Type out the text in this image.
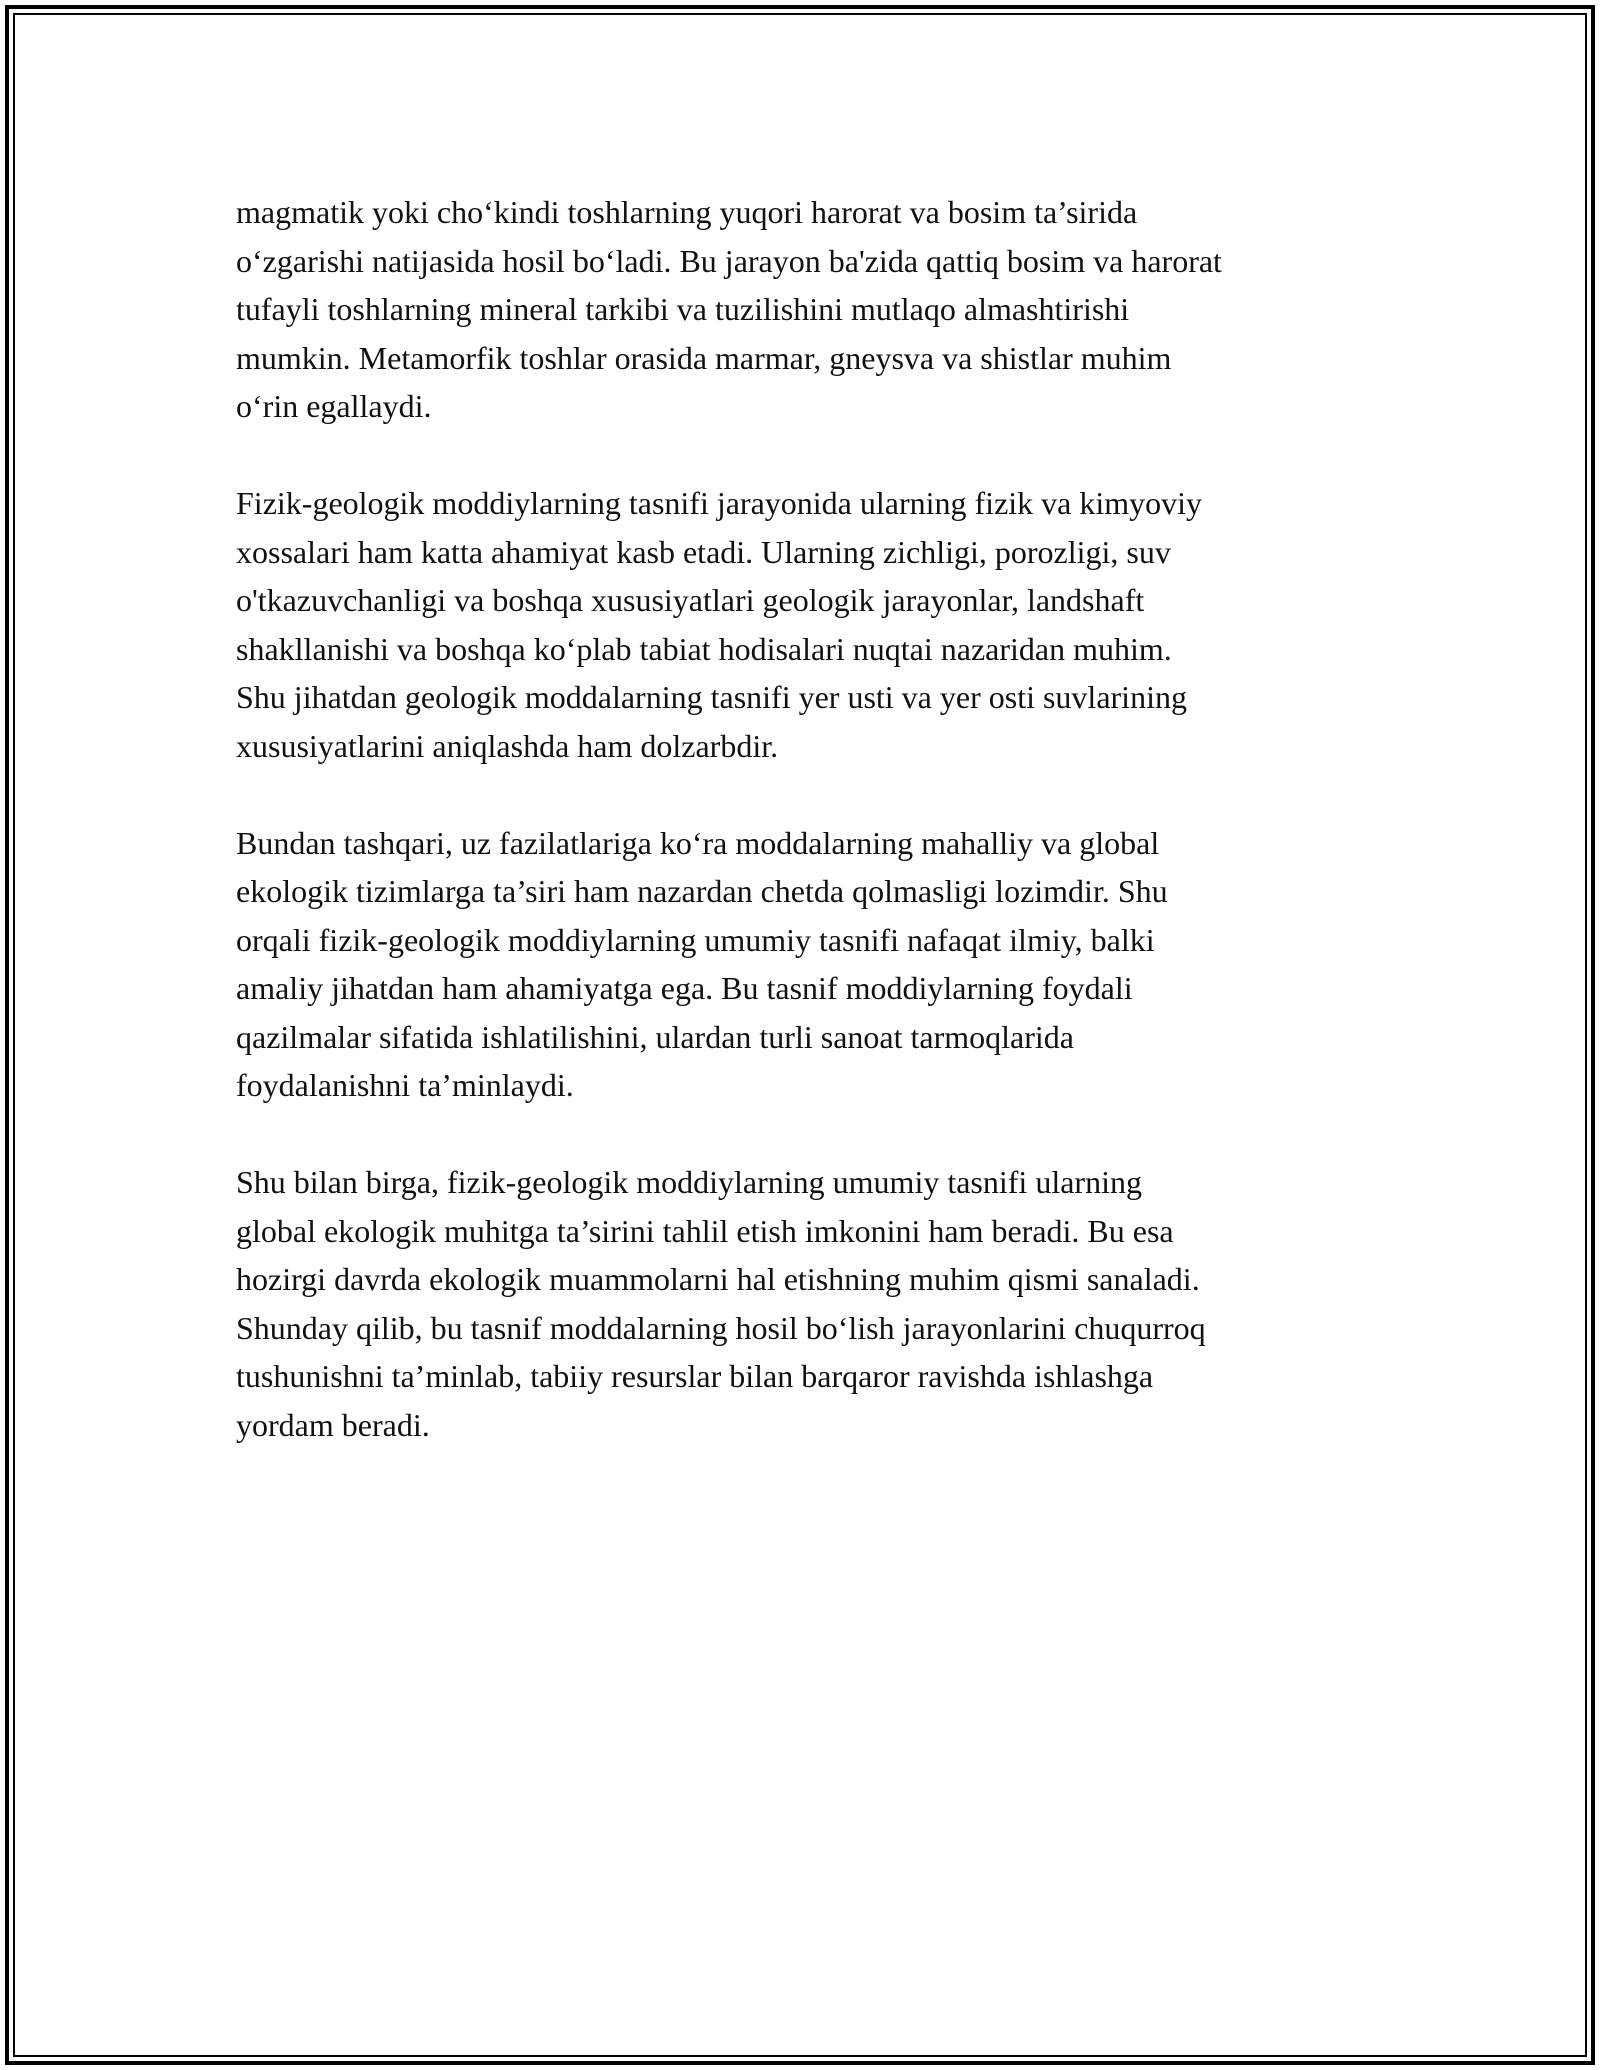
magmatik yoki cho‘kindi toshlarning yuqori harorat va bosim ta’sirida
o‘zgarishi natijasida hosil bo‘ladi. Bu jarayon ba'zida qattiq bosim va harorat
tufayli toshlarning mineral tarkibi va tuzilishini mutlaqo almashtirishi
mumkin. Metamorfik toshlar orasida marmar, gneysva va shistlar muhim
o‘rin egallaydi.

Fizik-geologik moddiylarning tasnifi jarayonida ularning fizik va kimyoviy
xossalari ham katta ahamiyat kasb etadi. Ularning zichligi, porozligi, suv
o'tkazuvchanligi va boshqa xususiyatlari geologik jarayonlar, landshaft
shakllanishi va boshqa ko‘plab tabiat hodisalari nuqtai nazaridan muhim.
Shu jihatdan geologik moddalarning tasnifi yer usti va yer osti suvlarining
xususiyatlarini aniqlashda ham dolzarbdir.

Bundan tashqari, uz fazilatlariga ko‘ra moddalarning mahalliy va global
ekologik tizimlarga ta’siri ham nazardan chetda qolmasligi lozimdir. Shu
orqali fizik-geologik moddiylarning umumiy tasnifi nafaqat ilmiy, balki
amaliy jihatdan ham ahamiyatga ega. Bu tasnif moddiylarning foydali
qazilmalar sifatida ishlatilishini, ulardan turli sanoat tarmoqlarida
foydalanishni ta’minlaydi.

Shu bilan birga, fizik-geologik moddiylarning umumiy tasnifi ularning
global ekologik muhitga ta’sirini tahlil etish imkonini ham beradi. Bu esa
hozirgi davrda ekologik muammolarni hal etishning muhim qismi sanaladi.
Shunday qilib, bu tasnif moddalarning hosil bo‘lish jarayonlarini chuqurroq
tushunishni ta’minlab, tabiiy resurslar bilan barqaror ravishda ishlashga
yordam beradi.
